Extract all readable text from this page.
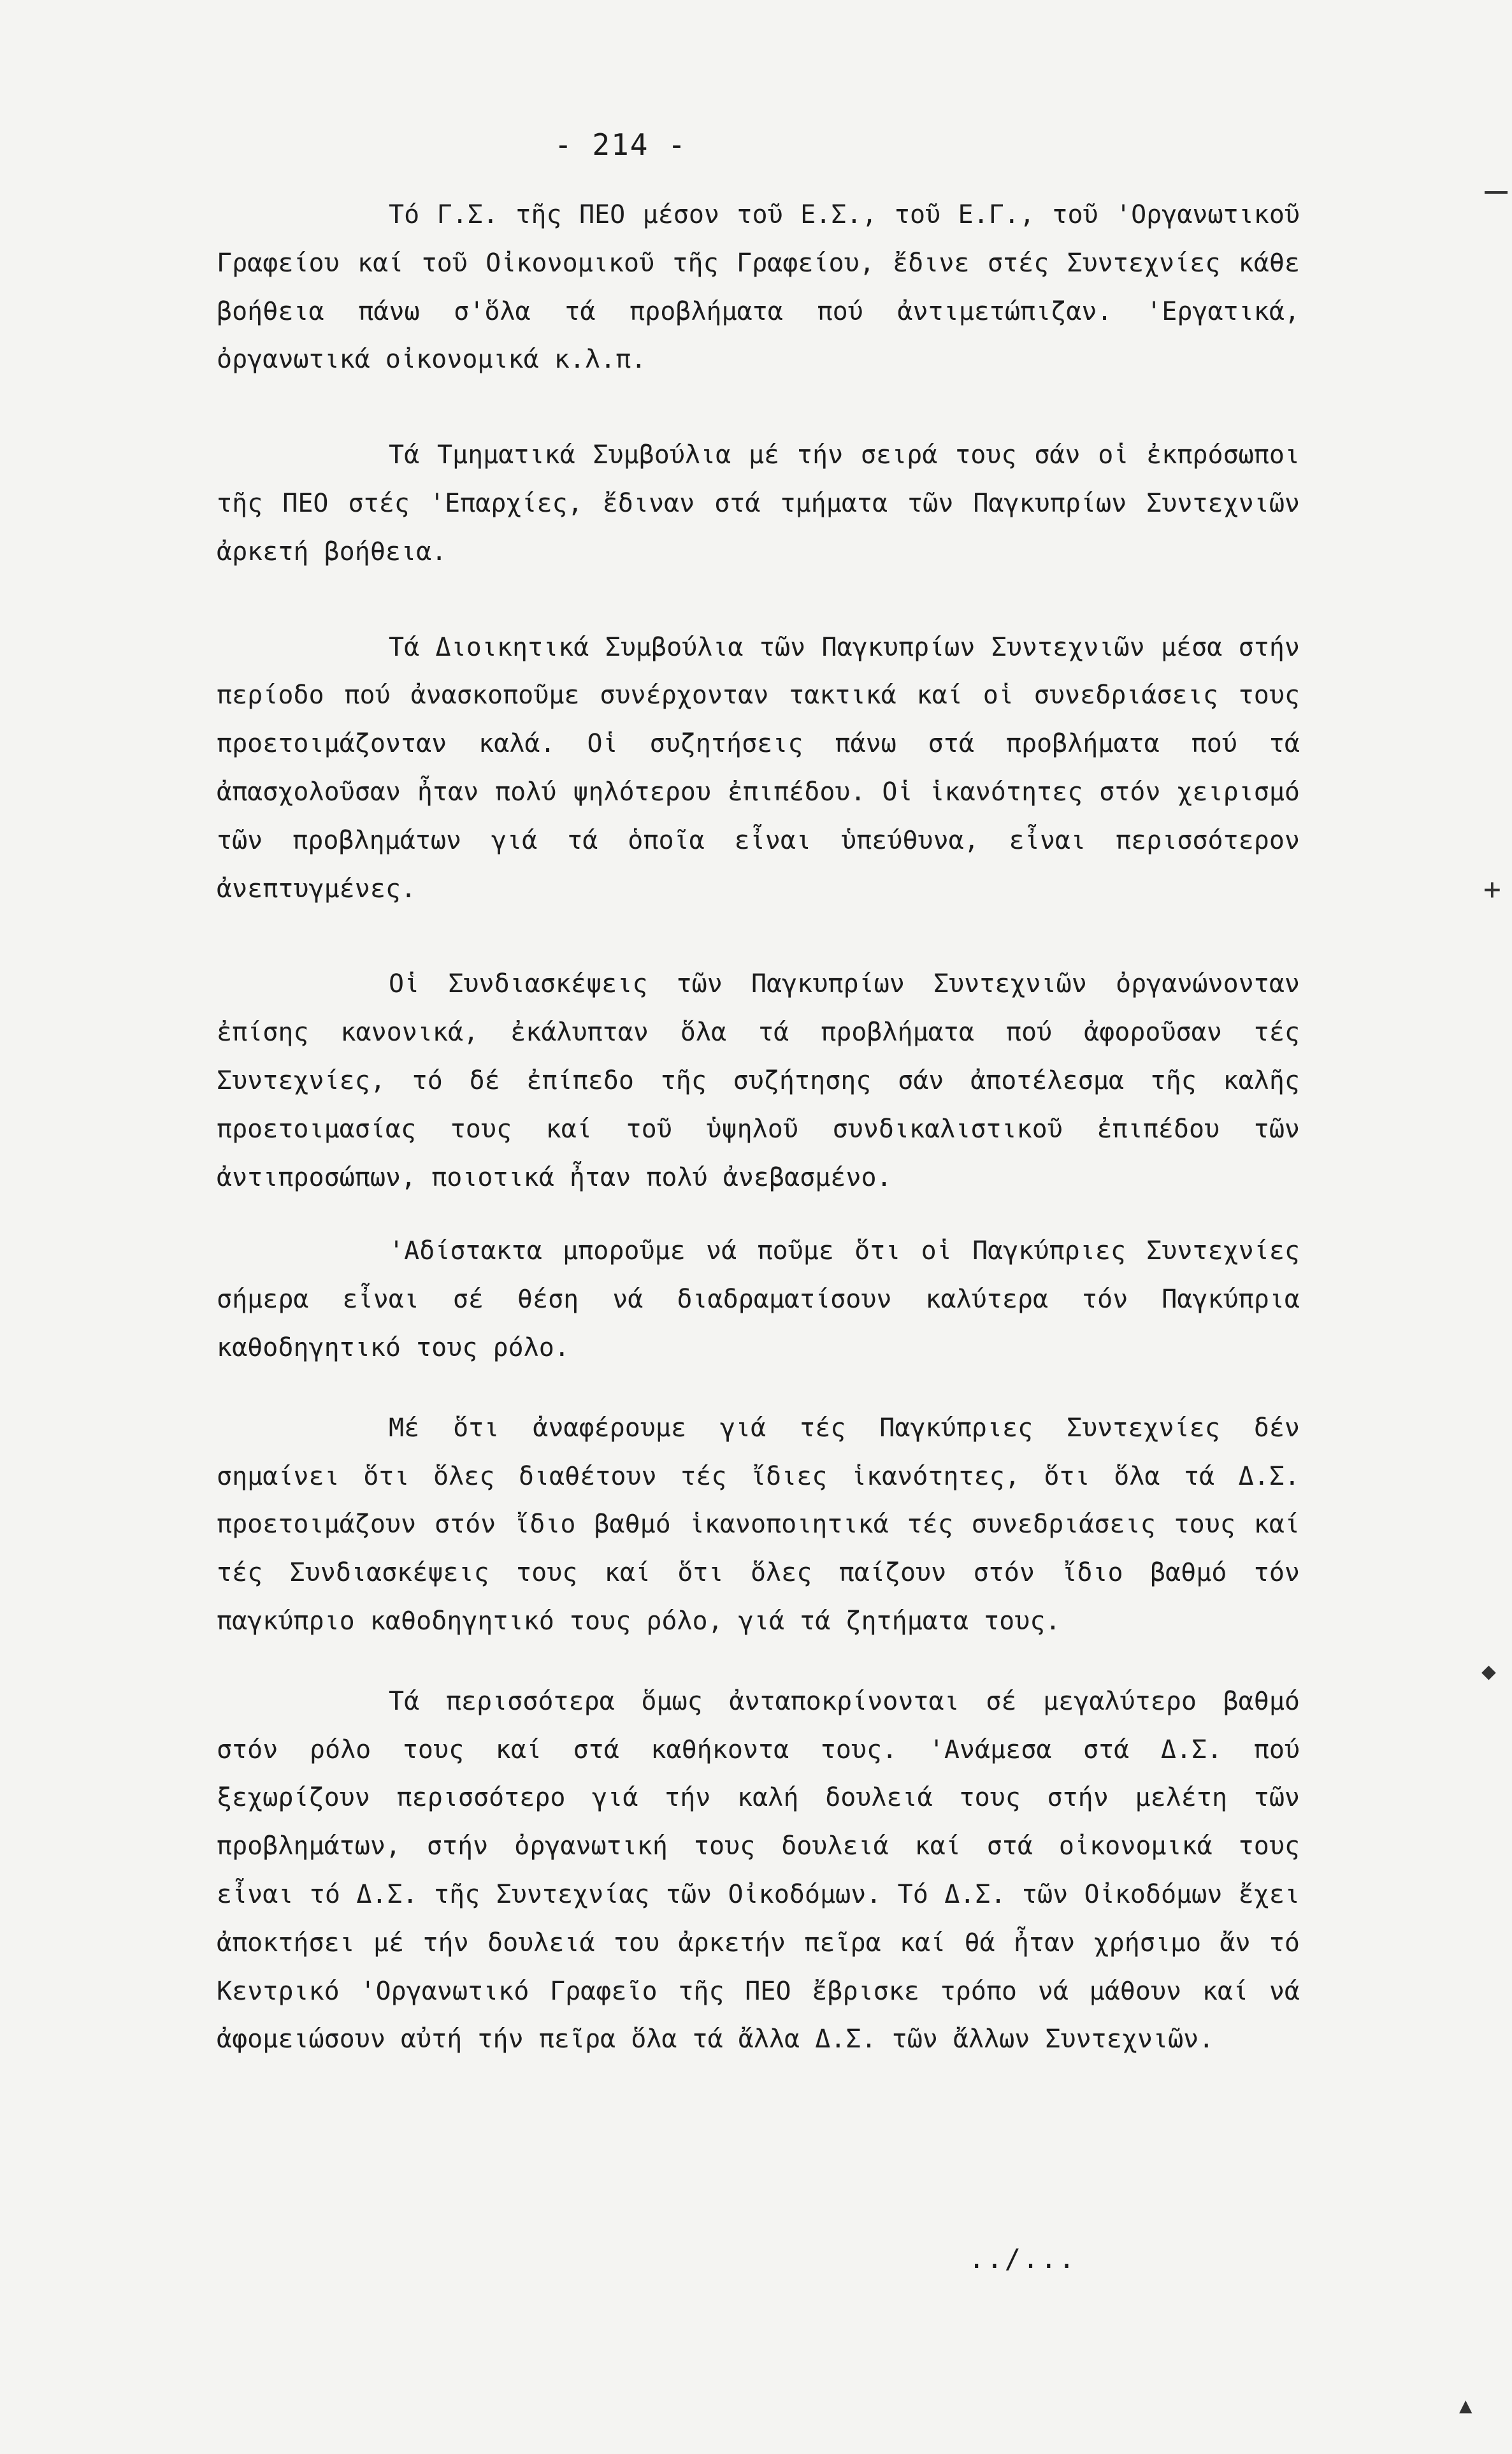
- 214 -

Τό Γ.Σ. τῆς ΠΕΟ μέσον τοῦ Ε.Σ., τοῦ Ε.Γ., τοῦ 'Οργανωτικοῦ Γραφείου καί τοῦ Οἰκονομικοῦ τῆς Γραφείου, ἔδινε στές Συντεχνίες κάθε βοήθεια πάνω σ'ὅλα τά προβλήματα πού ἀντιμετώπιζαν. 'Εργατικά, ὀργανωτικά οἰκονομικά κ.λ.π.

Τά Τμηματικά Συμβούλια μέ τήν σειρά τους σάν οἱ ἐκπρόσωποι τῆς ΠΕΟ στές 'Επαρχίες, ἔδιναν στά τμήματα τῶν Παγκυπρίων Συντεχνιῶν ἀρκετή βοήθεια.

Τά Διοικητικά Συμβούλια τῶν Παγκυπρίων Συντεχνιῶν μέσα στήν περίοδο πού ἀνασκοποῦμε συνέρχονταν τακτικά καί οἱ συνεδριάσεις τους προετοιμάζονταν καλά. Οἱ συζητήσεις πάνω στά προβλήματα πού τά ἀπασχολοῦσαν ἦταν πολύ ψηλότερου ἐπιπέδου. Οἱ ἱκανότητες στόν χειρισμό τῶν προβλημάτων γιά τά ὁποῖα εἶναι ὑπεύθυνα, εἶναι περισσότερον ἀνεπτυγμένες.

Οἱ Συνδιασκέψεις τῶν Παγκυπρίων Συντεχνιῶν ὀργανώνονταν ἐπίσης κανονικά, ἐκάλυπταν ὅλα τά προβλήματα πού ἀφοροῦσαν τές Συντεχνίες, τό δέ ἐπίπεδο τῆς συζήτησης σάν ἀποτέλεσμα τῆς καλῆς προετοιμασίας τους καί τοῦ ὑψηλοῦ συνδικαλιστικοῦ ἐπιπέδου τῶν ἀντιπροσώπων, ποιοτικά ἦταν πολύ ἀνεβασμένο.

'Αδίστακτα μποροῦμε νά ποῦμε ὅτι οἱ Παγκύπριες Συντεχνίες σήμερα εἶναι σέ θέση νά διαδραματίσουν καλύτερα τόν Παγκύπρια καθοδηγητικό τους ρόλο.

Μέ ὅτι ἀναφέρουμε γιά τές Παγκύπριες Συντεχνίες δέν σημαίνει ὅτι ὅλες διαθέτουν τές ἴδιες ἱκανότητες, ὅτι ὅλα τά Δ.Σ. προετοιμάζουν στόν ἴδιο βαθμό ἱκανοποιητικά τές συνεδριάσεις τους καί τές Συνδιασκέψεις τους καί ὅτι ὅλες παίζουν στόν ἴδιο βαθμό τόν παγκύπριο καθοδηγητικό τους ρόλο, γιά τά ζητήματα τους.

Τά περισσότερα ὅμως ἀνταποκρίνονται σέ μεγαλύτερο βαθμό στόν ρόλο τους καί στά καθήκοντα τους. 'Ανάμεσα στά Δ.Σ. πού ξεχωρίζουν περισσότερο γιά τήν καλή δουλειά τους στήν μελέτη τῶν προβλημάτων, στήν ὀργανωτική τους δουλειά καί στά οἰκονομικά τους εἶναι τό Δ.Σ. τῆς Συντεχνίας τῶν Οἰκοδόμων. Τό Δ.Σ. τῶν Οἰκοδόμων ἔχει ἀποκτήσει μέ τήν δουλειά του ἀρκετήν πεῖρα καί θά ἦταν χρήσιμο ἄν τό Κεντρικό 'Οργανωτικό Γραφεῖο τῆς ΠΕΟ ἔβρισκε τρόπο νά μάθουν καί νά ἀφομειώσουν αὐτή τήν πεῖρα ὅλα τά ἄλλα Δ.Σ. τῶν ἄλλων Συντεχνιῶν.

../...
+
◆
▲
